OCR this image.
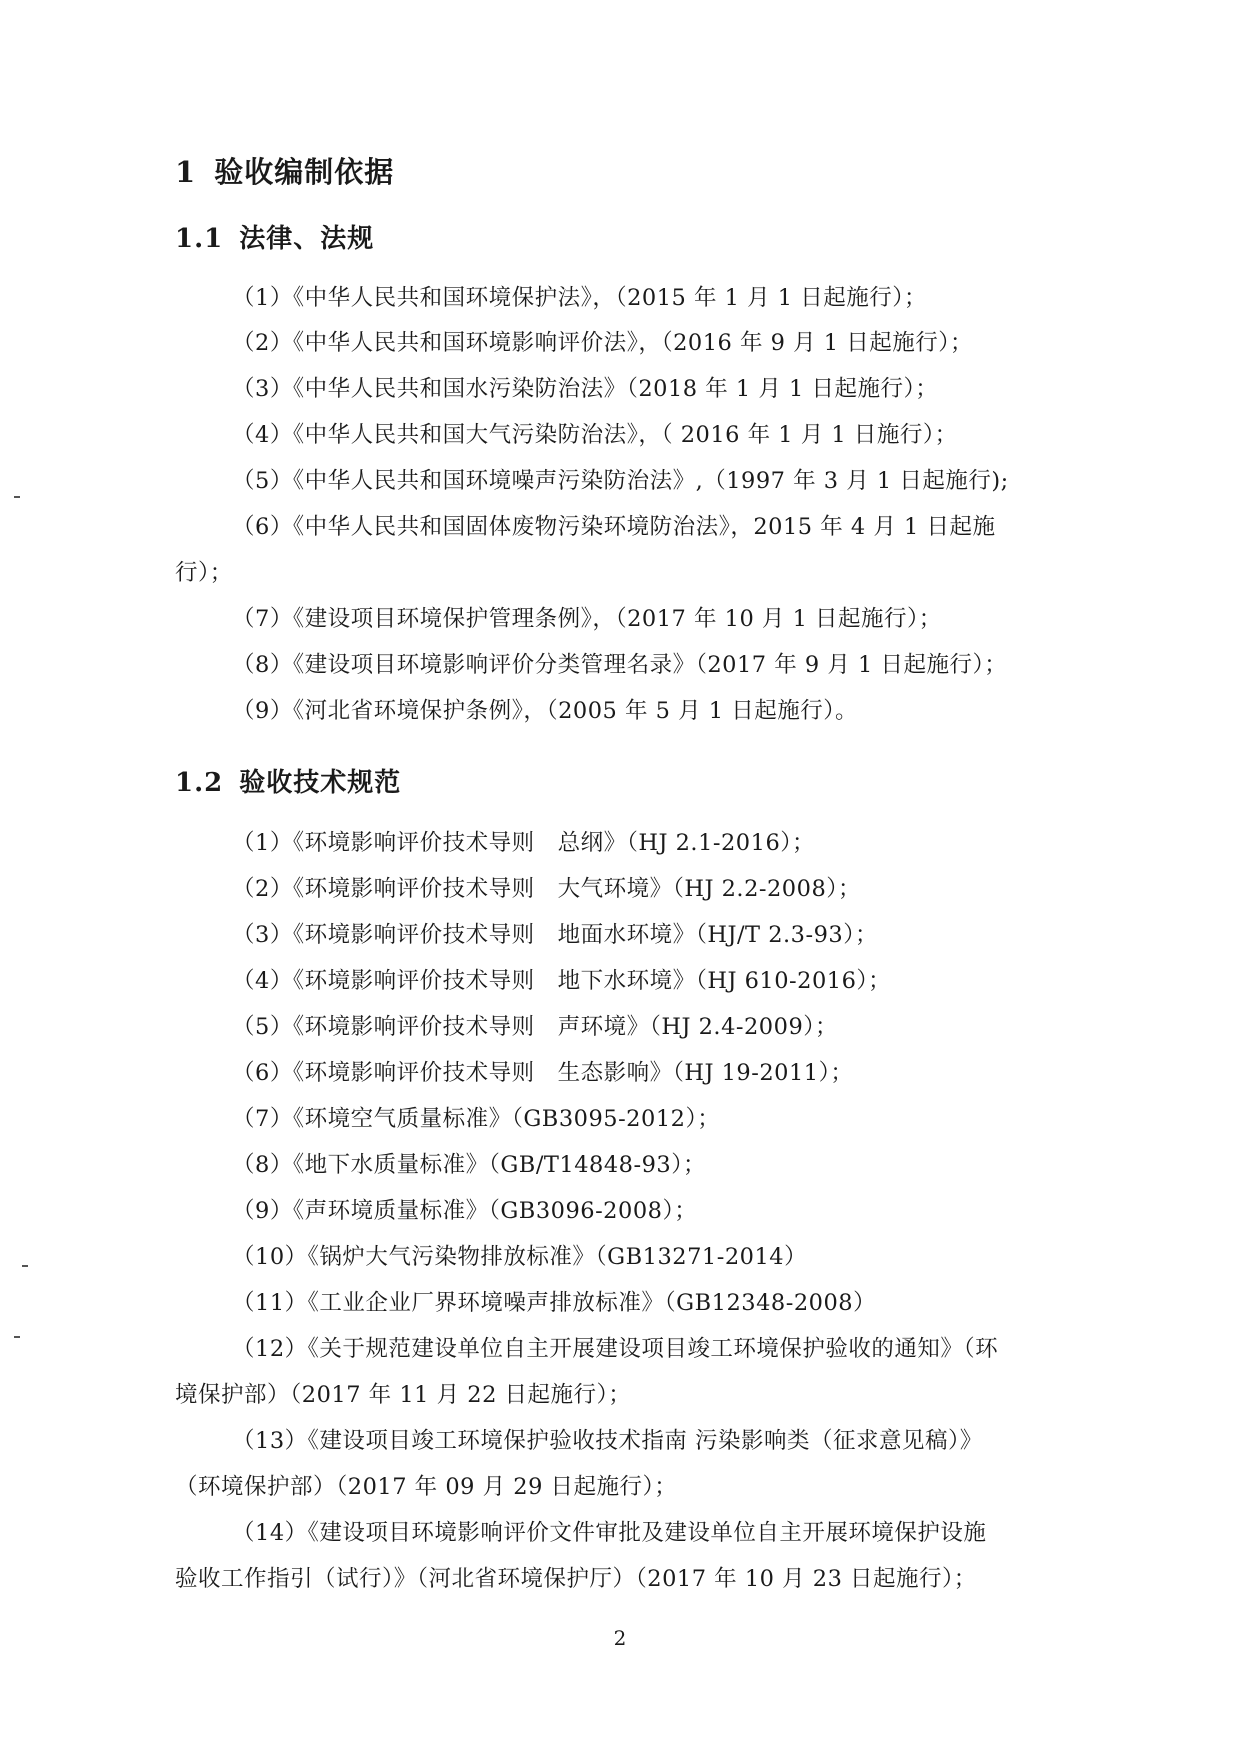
1 验收编制依据
1.1 法律、法规
1.2 验收技术规范
（1）《中华人民共和国环境保护法》，（2015 年 1 月 1 日起施行）；
（2）《中华人民共和国环境影响评价法》，（2016 年 9 月 1 日起施行）；
（3）《中华人民共和国水污染防治法》（2018 年 1 月 1 日起施行）；
（4）《中华人民共和国大气污染防治法》，（ 2016 年 1 月 1 日施行）；
（5）《中华人民共和国环境噪声污染防治法》,（1997 年 3 月 1 日起施行);
（6）《中华人民共和国固体废物污染环境防治法》，2015 年 4 月 1 日起施
行）；
（7）《建设项目环境保护管理条例》，（2017 年 10 月 1 日起施行）；
（8）《建设项目环境影响评价分类管理名录》（2017 年 9 月 1 日起施行）；
（9）《河北省环境保护条例》，（2005 年 5 月 1 日起施行）。
（1）《环境影响评价技术导则　总纲》（HJ 2.1-2016）；
（2）《环境影响评价技术导则　大气环境》（HJ 2.2-2008）；
（3）《环境影响评价技术导则　地面水环境》（HJ/T 2.3-93）；
（4）《环境影响评价技术导则　地下水环境》（HJ 610-2016）；
（5）《环境影响评价技术导则　声环境》（HJ 2.4-2009）；
（6）《环境影响评价技术导则　生态影响》（HJ 19-2011）；
（7）《环境空气质量标准》（GB3095-2012）；
（8）《地下水质量标准》（GB/T14848-93）；
（9）《声环境质量标准》（GB3096-2008）；
（10）《锅炉大气污染物排放标准》（GB13271-2014）
（11）《工业企业厂界环境噪声排放标准》（GB12348-2008）
（12）《关于规范建设单位自主开展建设项目竣工环境保护验收的通知》（环
境保护部）（2017 年 11 月 22 日起施行）；
（13）《建设项目竣工环境保护验收技术指南 污染影响类（征求意见稿）》
（环境保护部）（2017 年 09 月 29 日起施行）；
（14）《建设项目环境影响评价文件审批及建设单位自主开展环境保护设施
验收工作指引（试行）》（河北省环境保护厅）（2017 年 10 月 23 日起施行）；
2
